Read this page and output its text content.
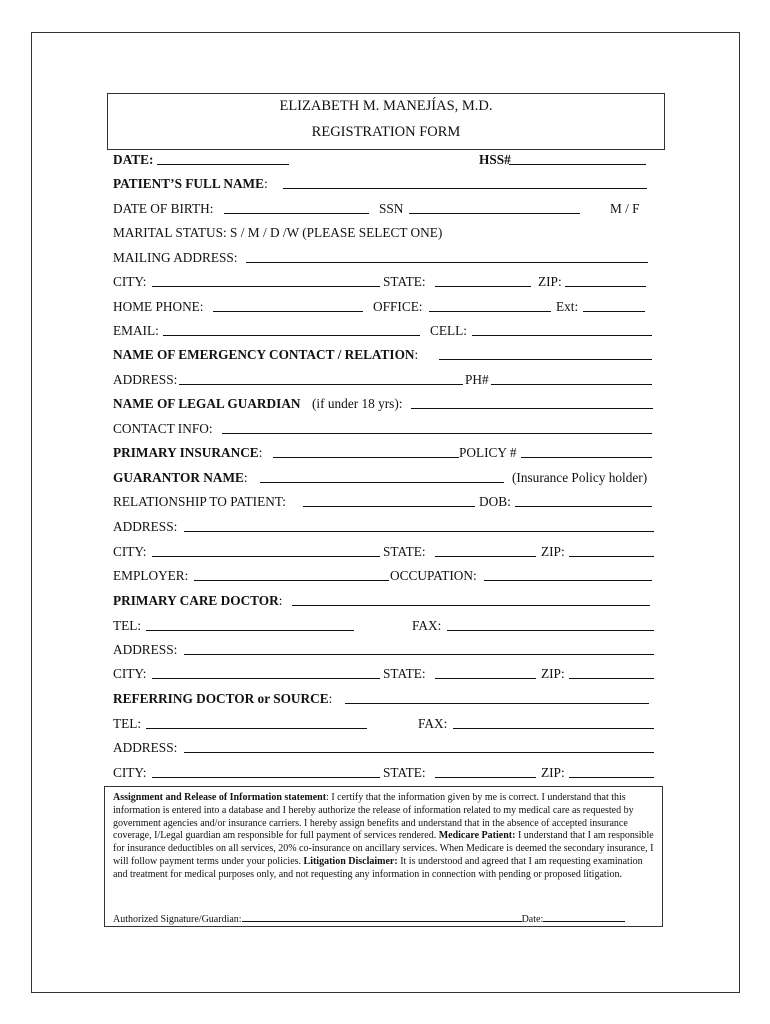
ELIZABETH M. MANEJÍAS, M.D.
REGISTRATION FORM
DATE:	HSS#
PATIENT’S FULL NAME:
DATE OF BIRTH:	SSN	M / F
MARITAL STATUS: S / M / D /W (PLEASE SELECT ONE)
MAILING ADDRESS:
CITY:	STATE:	ZIP:
HOME PHONE:	OFFICE:	Ext:
EMAIL:	CELL:
NAME OF EMERGENCY CONTACT / RELATION:
ADDRESS:	PH#
NAME OF LEGAL GUARDIAN (if under 18 yrs):
CONTACT INFO:
PRIMARY INSURANCE:	POLICY #
GUARANTOR NAME:	(Insurance Policy holder)
RELATIONSHIP TO PATIENT:	DOB:
ADDRESS:
CITY:	STATE:	ZIP:
EMPLOYER:	OCCUPATION:
PRIMARY CARE DOCTOR:
TEL:	FAX:
ADDRESS:
CITY:	STATE:	ZIP:
REFERRING DOCTOR or SOURCE:
TEL:	FAX:
ADDRESS:
CITY:	STATE:	ZIP:

Assignment and Release of Information statement: I certify that the information given by me is correct. I understand that this information is entered into a database and I hereby authorize the release of information related to my medical care as requested by government agencies and/or insurance carriers. I hereby assign benefits and understand that in the absence of accepted insurance coverage, I/Legal guardian am responsible for full payment of services rendered. Medicare Patient: I understand that I am responsible for insurance deductibles on all services, 20% co-insurance on ancillary services. When Medicare is deemed the secondary insurance, I will follow payment terms under your policies. Litigation Disclaimer: It is understood and agreed that I am requesting examination and treatment for medical purposes only, and not requesting any information in connection with pending or proposed litigation.

Authorized Signature/Guardian:	Date:
